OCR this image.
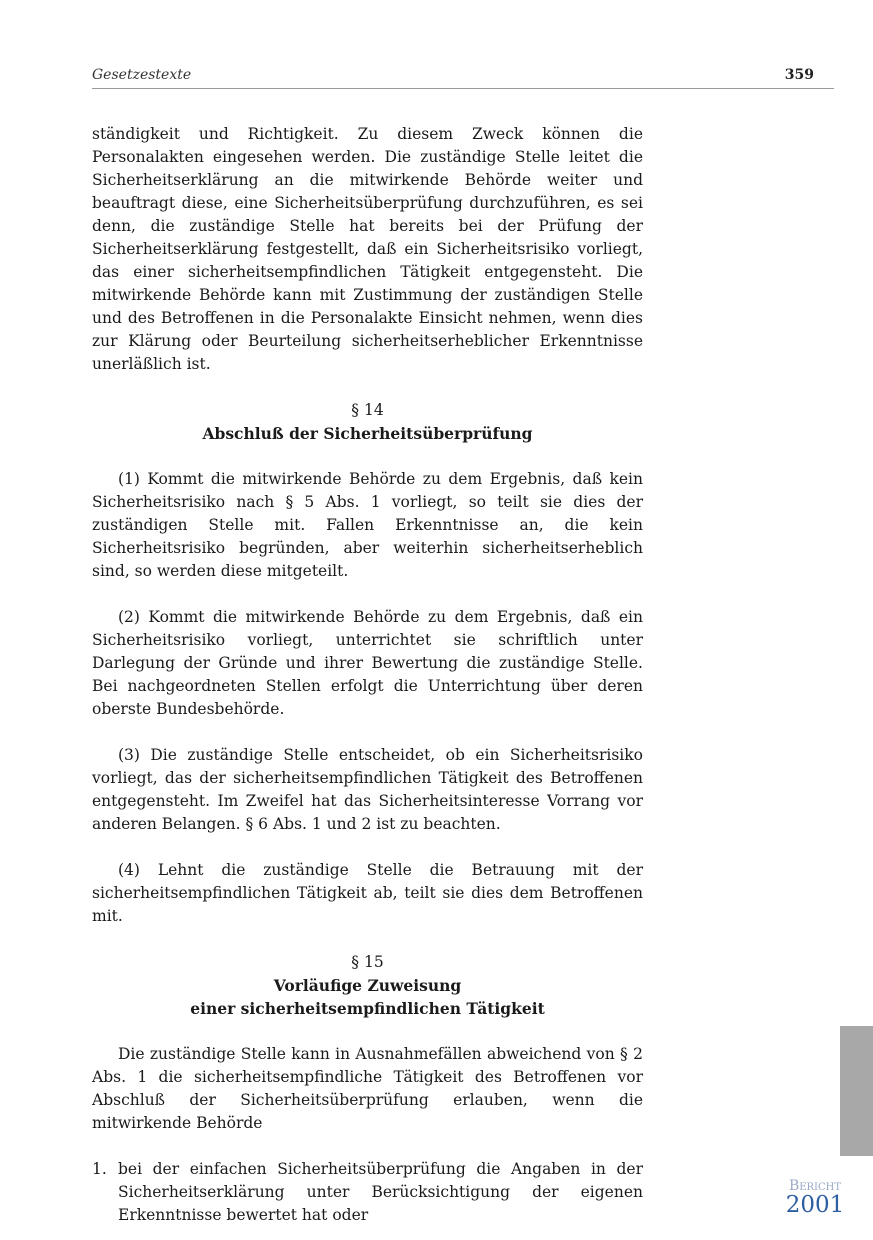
Gesetzestexte	359

ständigkeit und Richtigkeit. Zu diesem Zweck können die Personalakten eingesehen werden. Die zuständige Stelle leitet die Sicherheitserklärung an die mitwirkende Behörde weiter und beauftragt diese, eine Sicherheitsüberprüfung durchzuführen, es sei denn, die zuständige Stelle hat bereits bei der Prüfung der Sicherheitserklärung festgestellt, daß ein Sicherheitsrisiko vorliegt, das einer sicherheitsempfindlichen Tätigkeit entgegensteht. Die mitwirkende Behörde kann mit Zustimmung der zuständigen Stelle und des Betroffenen in die Personalakte Einsicht nehmen, wenn dies zur Klärung oder Beurteilung sicherheitserheblicher Erkenntnisse unerläßlich ist.

§ 14
Abschluß der Sicherheitsüberprüfung

(1) Kommt die mitwirkende Behörde zu dem Ergebnis, daß kein Sicherheitsrisiko nach § 5 Abs. 1 vorliegt, so teilt sie dies der zuständigen Stelle mit. Fallen Erkenntnisse an, die kein Sicherheitsrisiko begründen, aber weiterhin sicherheitserheblich sind, so werden diese mitgeteilt.

(2) Kommt die mitwirkende Behörde zu dem Ergebnis, daß ein Sicherheitsrisiko vorliegt, unterrichtet sie schriftlich unter Darlegung der Gründe und ihrer Bewertung die zuständige Stelle. Bei nachgeordneten Stellen erfolgt die Unterrichtung über deren oberste Bundesbehörde.

(3) Die zuständige Stelle entscheidet, ob ein Sicherheitsrisiko vorliegt, das der sicherheitsempfindlichen Tätigkeit des Betroffenen entgegensteht. Im Zweifel hat das Sicherheitsinteresse Vorrang vor anderen Belangen. § 6 Abs. 1 und 2 ist zu beachten.

(4) Lehnt die zuständige Stelle die Betrauung mit der sicherheitsempfindlichen Tätigkeit ab, teilt sie dies dem Betroffenen mit.

§ 15
Vorläufige Zuweisung
einer sicherheitsempfindlichen Tätigkeit

Die zuständige Stelle kann in Ausnahmefällen abweichend von § 2 Abs. 1 die sicherheitsempfindliche Tätigkeit des Betroffenen vor Abschluß der Sicherheitsüberprüfung erlauben, wenn die mitwirkende Behörde

1. bei der einfachen Sicherheitsüberprüfung die Angaben in der Sicherheitserklärung unter Berücksichtigung der eigenen Erkenntnisse bewertet hat oder
Bericht
2001
